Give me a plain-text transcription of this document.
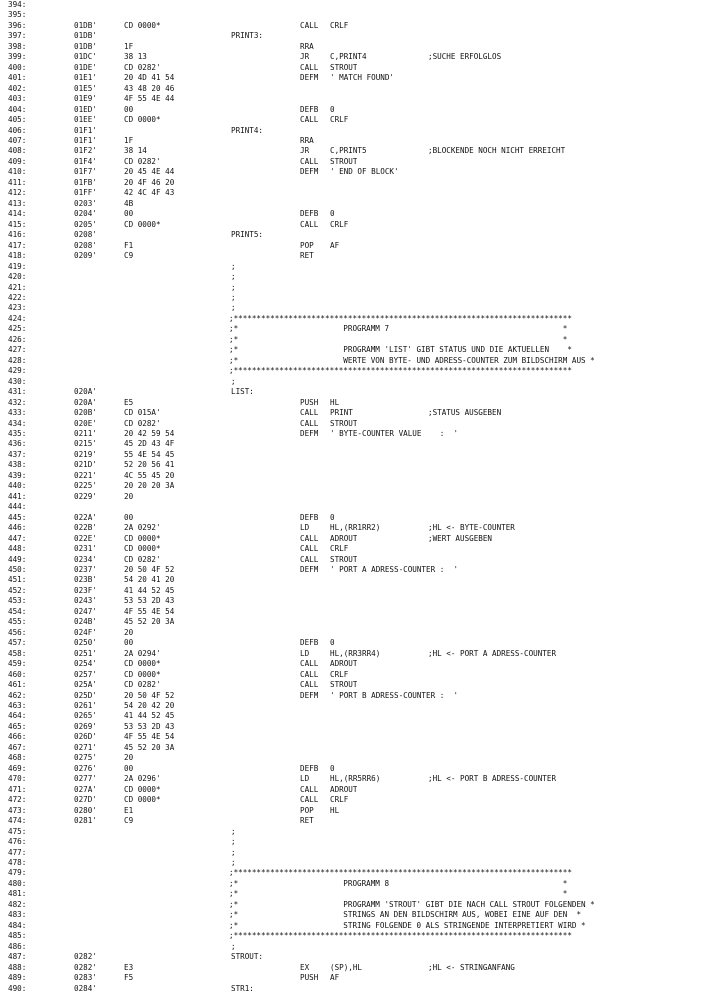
394:
395:
396:	01DB'	CD 0000*	CALL CRLF
397:	01DB'	PRINT3:
398:	01DB'	1F	RRA
399:	01DC'	38 13	JR	C,PRINT4	;SUCHE ERFOLGLOS
400:	01DE'	CD 0282'	CALL STROUT
401:	01E1'	20 4D 41 54	DEFM ' MATCH FOUND'
402:	01E5'	43 48 20 46
403:	01E9'	4F 55 4E 44
404:	01ED'	00	DEFB 0
405:	01EE'	CD 0000*	CALL CRLF
406:	01F1'	PRINT4:
407:	01F1'	1F	RRA
408:	01F2'	38 14	JR	C,PRINT5	;BLOCKENDE NOCH NICHT ERREICHT
409:	01F4'	CD 0282'	CALL STROUT
410:	01F7'	20 45 4E 44	DEFM ' END OF BLOCK'
411:	01FB'	20 4F 46 20
412:	01FF'	42 4C 4F 43
413:	0203'	4B
414:	0204'	00	DEFB 0
415:	0205'	CD 0000*	CALL CRLF
416:	0208'	PRINT5:
417:	0208'	F1	POP AF
418:	0209'	C9	RET
419:	;
420:	;
421:	;
422:	;
423:	;
424:	;**************************************************************************
425:	;*                       PROGRAMM 7                                      *
426:	;*                                                                       *
427:	;*                       PROGRAMM 'LIST' GIBT STATUS UND DIE AKTUELLEN    *
428:	;*                       WERTE VON BYTE- UND ADRESS-COUNTER ZUM BILDSCHIRM AUS *
429:	;**************************************************************************
430:	;
431:	020A'	LIST:
432:	020A'	E5	PUSH HL
433:	020B'	CD 015A'	CALL PRINT	;STATUS AUSGEBEN
434:	020E'	CD 0282'	CALL STROUT
435:	0211'	20 42 59 54	DEFM ' BYTE-COUNTER VALUE    :  '
436:	0215'	45 2D 43 4F
437:	0219'	55 4E 54 45
438:	021D'	52 20 56 41
439:	0221'	4C 55 45 20
440:	0225'	20 20 20 3A
441:	0229'	20
444:
445:	022A'	00	DEFB 0
446:	022B'	2A 0292'	LD	HL,(RR1RR2)	;HL <- BYTE-COUNTER
447:	022E'	CD 0000*	CALL ADROUT	;WERT AUSGEBEN
448:	0231'	CD 0000*	CALL CRLF
449:	0234'	CD 0282'	CALL STROUT
450:	0237'	20 50 4F 52	DEFM ' PORT A ADRESS-COUNTER :  '
451:	023B'	54 20 41 20
452:	023F'	41 44 52 45
453:	0243'	53 53 2D 43
454:	0247'	4F 55 4E 54
455:	024B'	45 52 20 3A
456:	024F'	20
457:	0250'	00	DEFB 0
458:	0251'	2A 0294'	LD	HL,(RR3RR4)	;HL <- PORT A ADRESS-COUNTER
459:	0254'	CD 0000*	CALL ADROUT
460:	0257'	CD 0000*	CALL CRLF
461:	025A'	CD 0282'	CALL STROUT
462:	025D'	20 50 4F 52	DEFM ' PORT B ADRESS-COUNTER :  '
463:	0261'	54 20 42 20
464:	0265'	41 44 52 45
465:	0269'	53 53 2D 43
466:	026D'	4F 55 4E 54
467:	0271'	45 52 20 3A
468:	0275'	20
469:	0276'	00	DEFB 0
470:	0277'	2A 0296'	LD	HL,(RR5RR6)	;HL <- PORT B ADRESS-COUNTER
471:	027A'	CD 0000*	CALL ADROUT
472:	027D'	CD 0000*	CALL CRLF
473:	0280'	E1	POP HL
474:	0281'	C9	RET
475:	;
476:	;
477:	;
478:	;
479:	;**************************************************************************
480:	;*                       PROGRAMM 8                                      *
481:	;*                                                                       *
482:	;*                       PROGRAMM 'STROUT' GIBT DIE NACH CALL STROUT FOLGENDEN *
483:	;*                       STRINGS AN DEN BILDSCHIRM AUS, WOBEI EINE AUF DEN  *
484:	;*                       STRING FOLGENDE 0 ALS STRINGENDE INTERPRETIERT WIRD *
485:	;**************************************************************************
486:	;
487:	0282'	STROUT:
488:	0282'	E3	EX	(SP),HL	;HL <- STRINGANFANG
489:	0283'	F5	PUSH AF
490:	0284'	STR1:
